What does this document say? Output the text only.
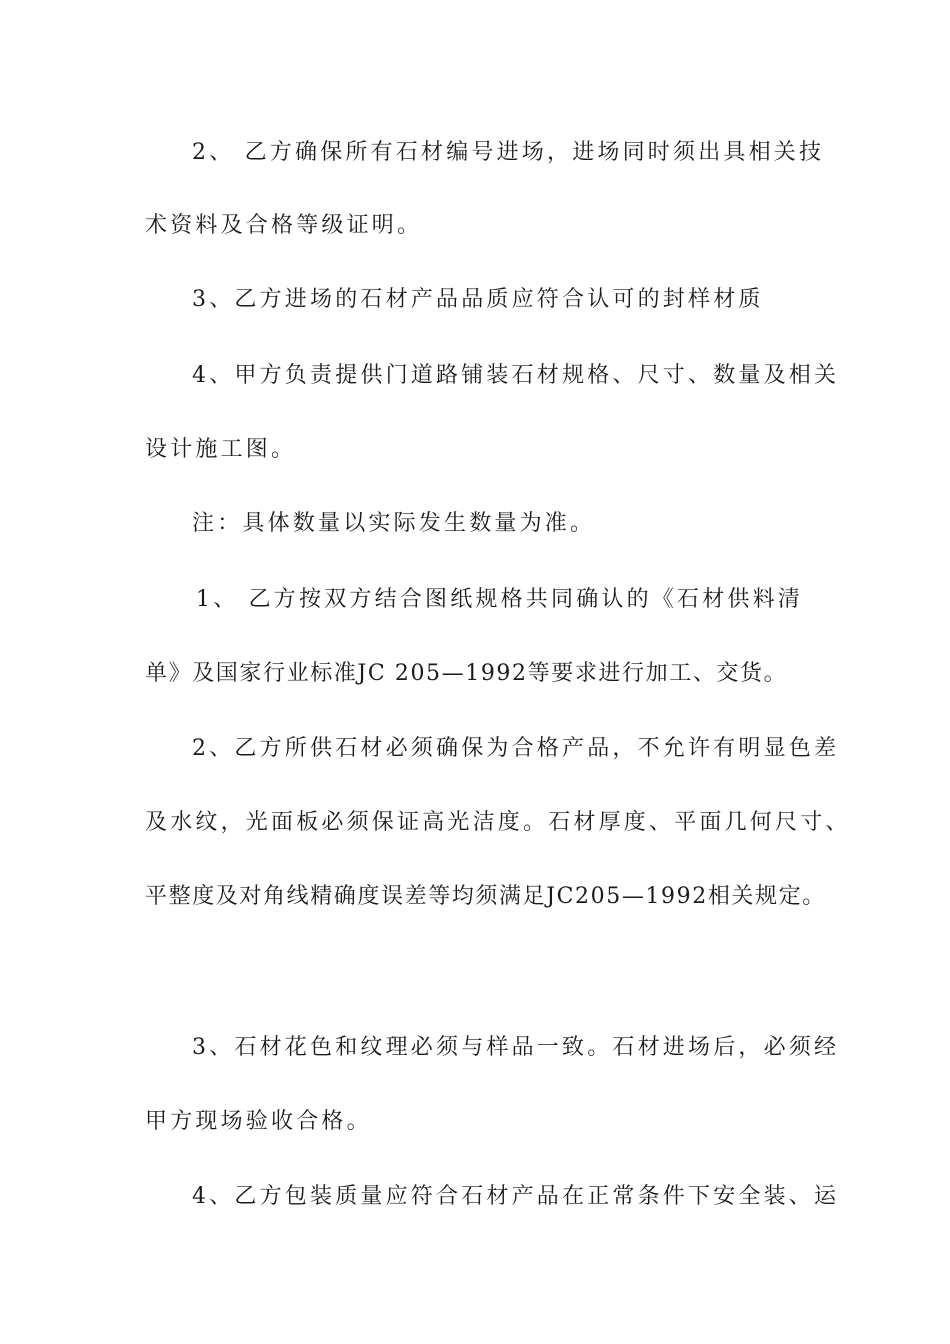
2、 乙方确保所有石材编号进场，进场同时须出具相关技
术资料及合格等级证明。
3、乙方进场的石材产品品质应符合认可的封样材质
4、甲方负责提供门道路铺装石材规格、尺寸、数量及相关
设计施工图。
注：具体数量以实际发生数量为准。
1、 乙方按双方结合图纸规格共同确认的《石材供料清
单》及国家行业标准JC 205—1992等要求进行加工、交货。
2、乙方所供石材必须确保为合格产品，不允许有明显色差
及水纹，光面板必须保证高光洁度。石材厚度、平面几何尺寸、
平整度及对角线精确度误差等均须满足JC205—1992相关规定。
3、石材花色和纹理必须与样品一致。石材进场后，必须经
甲方现场验收合格。
4、乙方包装质量应符合石材产品在正常条件下安全装、运
